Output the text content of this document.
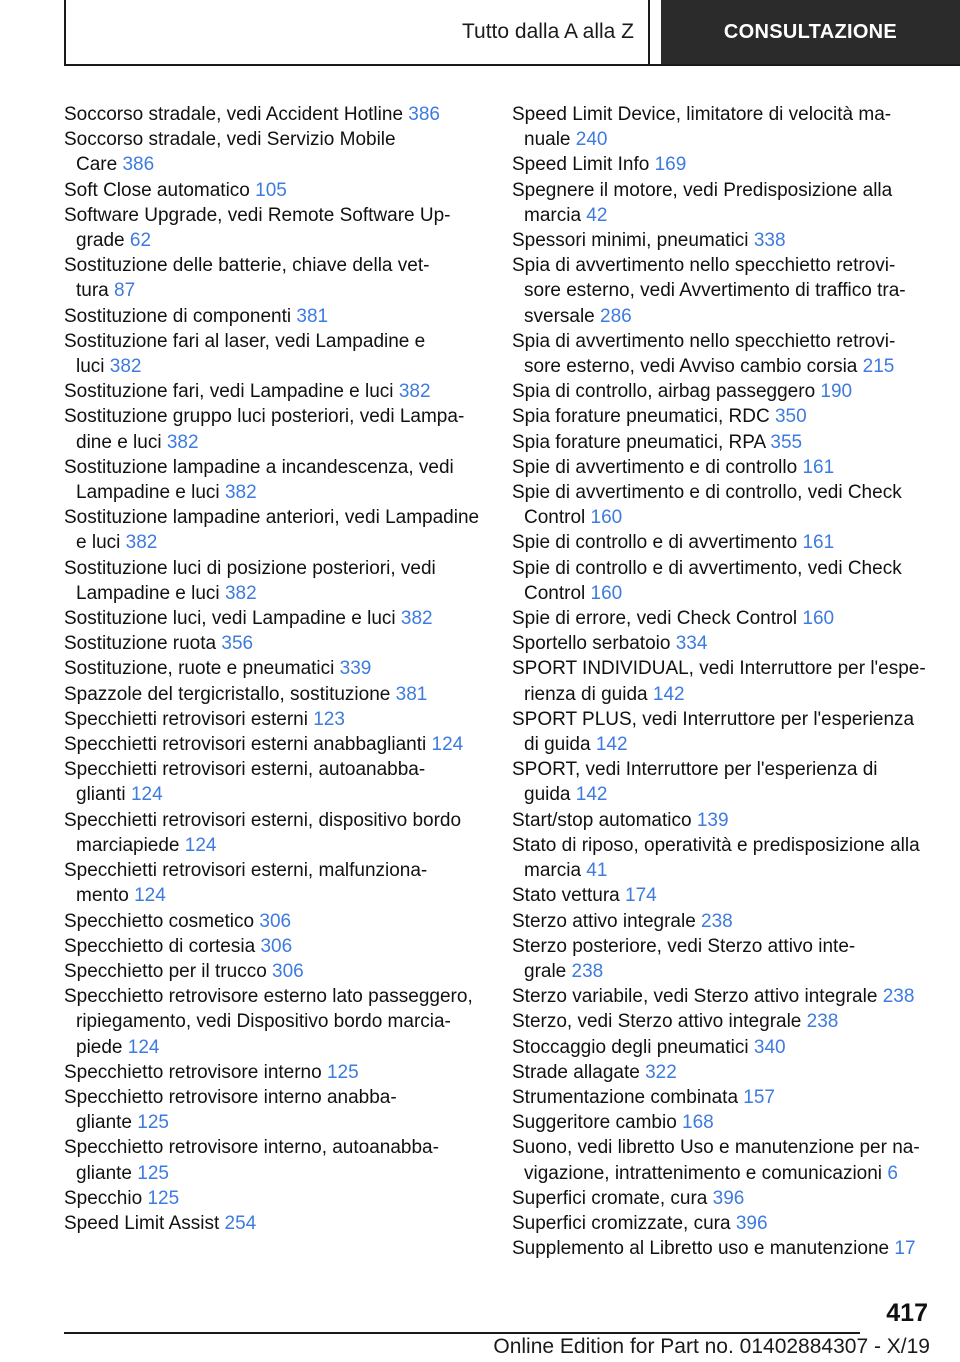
Tutto dalla A alla Z	CONSULTAZIONE
Soccorso stradale, vedi Accident Hotline 386
Soccorso stradale, vedi Servizio Mobile
Care 386
Soft Close automatico 105
Software Upgrade, vedi Remote Software Up-
grade 62
Sostituzione delle batterie, chiave della vet-
tura 87
Sostituzione di componenti 381
Sostituzione fari al laser, vedi Lampadine e
luci 382
Sostituzione fari, vedi Lampadine e luci 382
Sostituzione gruppo luci posteriori, vedi Lampa-
dine e luci 382
Sostituzione lampadine a incandescenza, vedi
Lampadine e luci 382
Sostituzione lampadine anteriori, vedi Lampadine
e luci 382
Sostituzione luci di posizione posteriori, vedi
Lampadine e luci 382
Sostituzione luci, vedi Lampadine e luci 382
Sostituzione ruota 356
Sostituzione, ruote e pneumatici 339
Spazzole del tergicristallo, sostituzione 381
Specchietti retrovisori esterni 123
Specchietti retrovisori esterni anabbaglianti 124
Specchietti retrovisori esterni, autoanabba-
glianti 124
Specchietti retrovisori esterni, dispositivo bordo
marciapiede 124
Specchietti retrovisori esterni, malfunziona-
mento 124
Specchietto cosmetico 306
Specchietto di cortesia 306
Specchietto per il trucco 306
Specchietto retrovisore esterno lato passeggero,
ripiegamento, vedi Dispositivo bordo marcia-
piede 124
Specchietto retrovisore interno 125
Specchietto retrovisore interno anabba-
gliante 125
Specchietto retrovisore interno, autoanabba-
gliante 125
Specchio 125
Speed Limit Assist 254
Speed Limit Device, limitatore di velocità ma-
nuale 240
Speed Limit Info 169
Spegnere il motore, vedi Predisposizione alla
marcia 42
Spessori minimi, pneumatici 338
Spia di avvertimento nello specchietto retrovi-
sore esterno, vedi Avvertimento di traffico tra-
sversale 286
Spia di avvertimento nello specchietto retrovi-
sore esterno, vedi Avviso cambio corsia 215
Spia di controllo, airbag passeggero 190
Spia forature pneumatici, RDC 350
Spia forature pneumatici, RPA 355
Spie di avvertimento e di controllo 161
Spie di avvertimento e di controllo, vedi Check
Control 160
Spie di controllo e di avvertimento 161
Spie di controllo e di avvertimento, vedi Check
Control 160
Spie di errore, vedi Check Control 160
Sportello serbatoio 334
SPORT INDIVIDUAL, vedi Interruttore per l'espe-
rienza di guida 142
SPORT PLUS, vedi Interruttore per l'esperienza
di guida 142
SPORT, vedi Interruttore per l'esperienza di
guida 142
Start/stop automatico 139
Stato di riposo, operatività e predisposizione alla
marcia 41
Stato vettura 174
Sterzo attivo integrale 238
Sterzo posteriore, vedi Sterzo attivo inte-
grale 238
Sterzo variabile, vedi Sterzo attivo integrale 238
Sterzo, vedi Sterzo attivo integrale 238
Stoccaggio degli pneumatici 340
Strade allagate 322
Strumentazione combinata 157
Suggeritore cambio 168
Suono, vedi libretto Uso e manutenzione per na-
vigazione, intrattenimento e comunicazioni 6
Superfici cromate, cura 396
Superfici cromizzate, cura 396
Supplemento al Libretto uso e manutenzione 17
417
Online Edition for Part no. 01402884307 - X/19
